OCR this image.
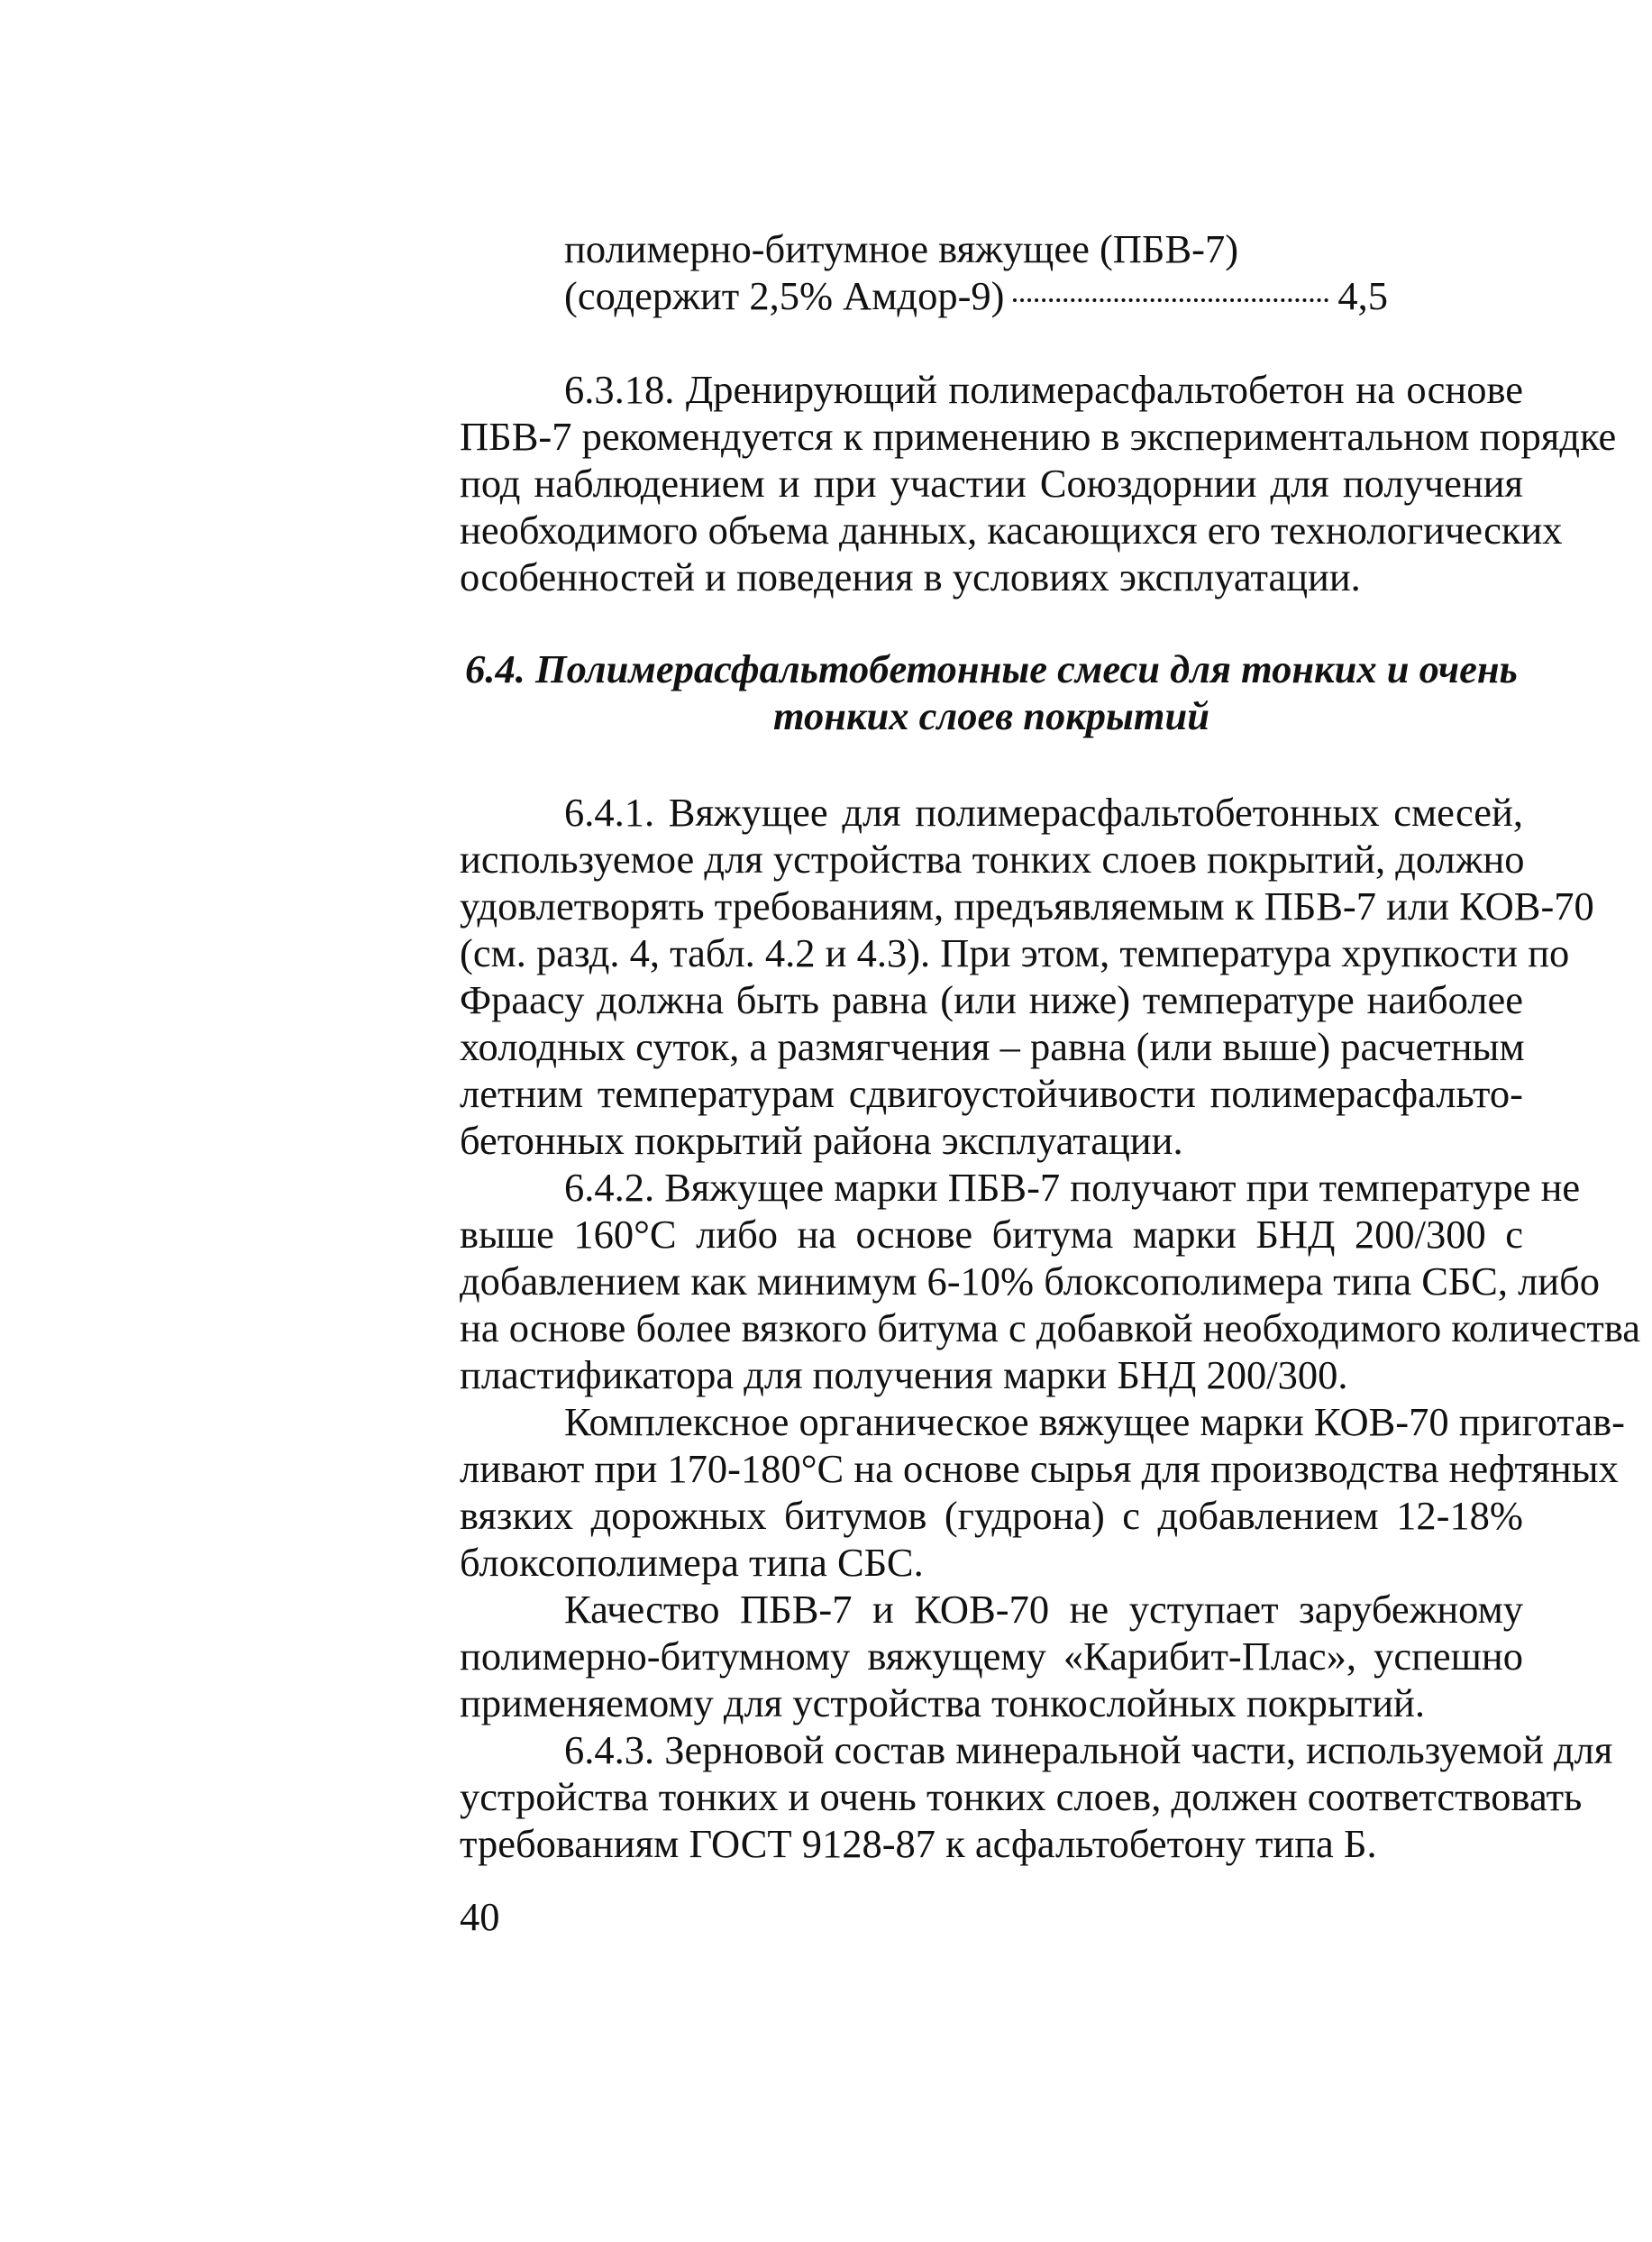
полимерно-битумное вяжущее (ПБВ-7)
(содержит 2,5% Амдор-9)	4,5
6.3.18. Дренирующий полимерасфальтобетон на основе
ПБВ-7 рекомендуется к применению в экспериментальном порядке
под наблюдением и при участии Союздорнии для получения
необходимого объема данных, касающихся его технологических
особенностей и поведения в условиях эксплуатации.
6.4. Полимерасфальтобетонные смеси для тонких и очень
тонких слоев покрытий
6.4.1. Вяжущее для полимерасфальтобетонных смесей,
используемое для устройства тонких слоев покрытий, должно
удовлетворять требованиям, предъявляемым к ПБВ-7 или КОВ-70
(см. разд. 4, табл. 4.2 и 4.3). При этом, температура хрупкости по
Фраасу должна быть равна (или ниже) температуре наиболее
холодных суток, а размягчения – равна (или выше) расчетным
летним температурам сдвигоустойчивости полимерасфальто-
бетонных покрытий района эксплуатации.
6.4.2. Вяжущее марки ПБВ-7 получают при температуре не
выше 160°С либо на основе битума марки БНД 200/300 с
добавлением как минимум 6-10% блоксополимера типа СБС, либо
на основе более вязкого битума с добавкой необходимого количества
пластификатора для получения марки БНД 200/300.
Комплексное органическое вяжущее марки КОВ-70 приготав-
ливают при 170-180°С на основе сырья для производства нефтяных
вязких дорожных битумов (гудрона) с добавлением 12-18%
блоксополимера типа СБС.
Качество ПБВ-7 и КОВ-70 не уступает зарубежному
полимерно-битумному вяжущему «Карибит-Плас», успешно
применяемому для устройства тонкослойных покрытий.
6.4.3. Зерновой состав минеральной части, используемой для
устройства тонких и очень тонких слоев, должен соответствовать
требованиям ГОСТ 9128-87 к асфальтобетону типа Б.
40
